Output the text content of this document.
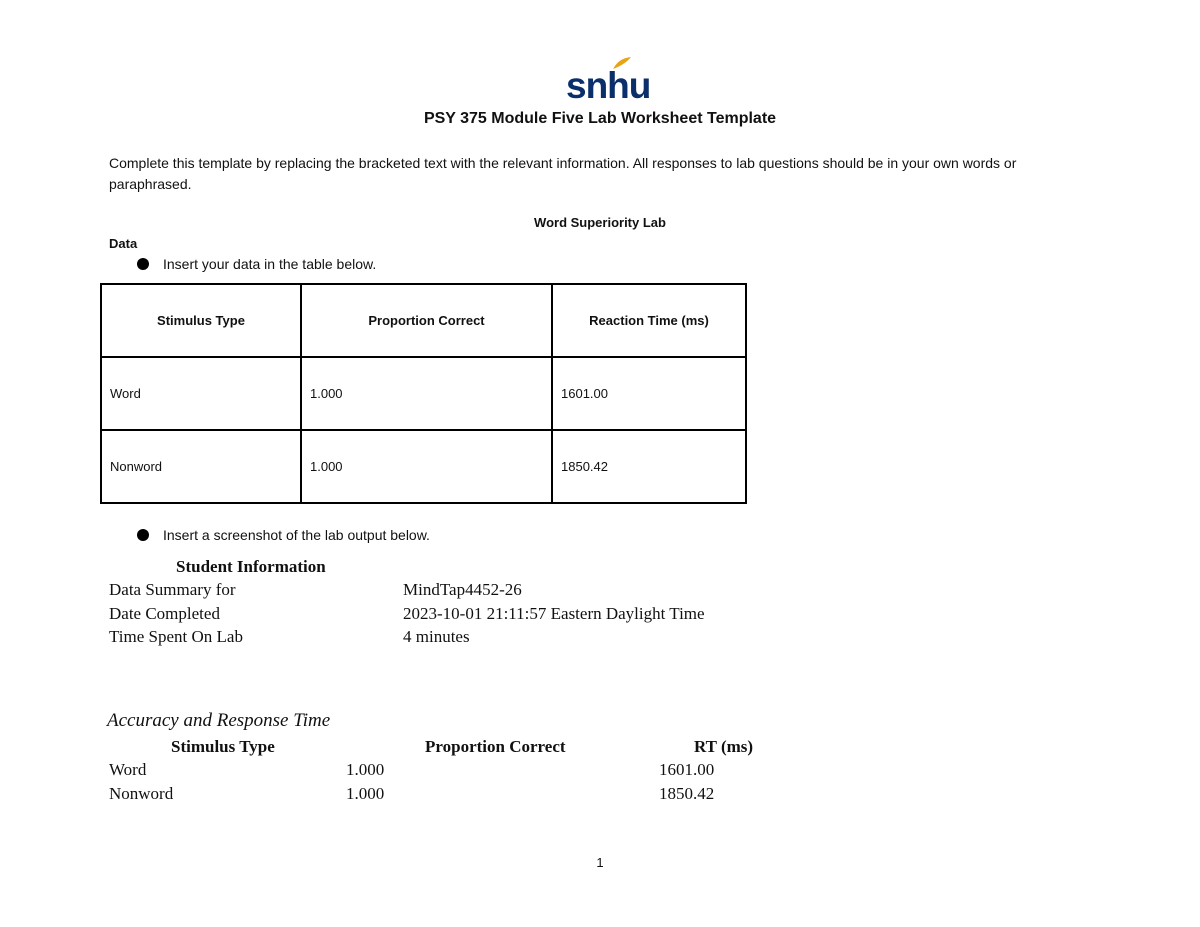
snhu
PSY 375 Module Five Lab Worksheet Template
Complete this template by replacing the bracketed text with the relevant information. All responses to lab questions should be in your own words or paraphrased.
Word Superiority Lab
Data
Insert your data in the table below.
Stimulus Type	Proportion Correct	Reaction Time (ms)
Word	1.000	1601.00
Nonword	1.000	1850.42
Insert a screenshot of the lab output below.
Student Information
Data Summary for	MindTap4452-26
Date Completed	2023-10-01 21:11:57 Eastern Daylight Time
Time Spent On Lab	4 minutes
Accuracy and Response Time
Stimulus Type	Proportion Correct	RT (ms)
Word	1.000	1601.00
Nonword	1.000	1850.42
1
